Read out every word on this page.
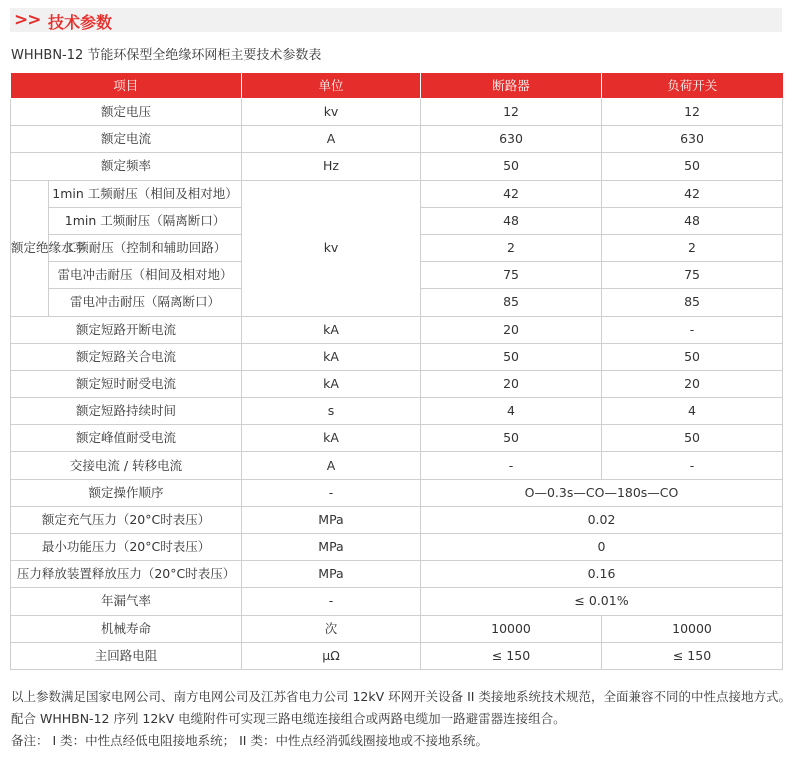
>> 技术参数
WHHBN-12 节能环保型全绝缘环网柜主要技术参数表
项目		单位	断路器	负荷开关
额定电压		kv	12	12
额定电流		A	630	630
额定频率		Hz	50	50
额定绝缘水平	1min 工频耐压（相间及相对地）	kv	42	42
	1min 工频耐压（隔离断口）		48	48
	工频耐压（控制和辅助回路）		2	2
	雷电冲击耐压（相间及相对地）		75	75
	雷电冲击耐压（隔离断口）		85	85
额定短路开断电流		kA	20	-
额定短路关合电流		kA	50	50
额定短时耐受电流		kA	20	20
额定短路持续时间		s	4	4
额定峰值耐受电流		kA	50	50
交接电流 / 转移电流		A	-	-
额定操作顺序		-	O—0.3s—CO—180s—CO	
额定充气压力（20°C时表压）		MPa	0.02	
最小功能压力（20°C时表压）		MPa	0	
压力释放装置释放压力（20°C时表压）		MPa	0.16	
年漏气率		-	≤ 0.01%	
机械寿命		次	10000	10000
主回路电阻		μΩ	≤ 150	≤ 150

以上参数满足国家电网公司、南方电网公司及江苏省电力公司 12kV 环网开关设备 II 类接地系统技术规范，全面兼容不同的中性点接地方式。

配合 WHHBN-12 序列 12kV 电缆附件可实现三路电缆连接组合或两路电缆加一路避雷器连接组合。

备注： I 类：中性点经低电阻接地系统； II 类：中性点经消弧线圈接地或不接地系统。
